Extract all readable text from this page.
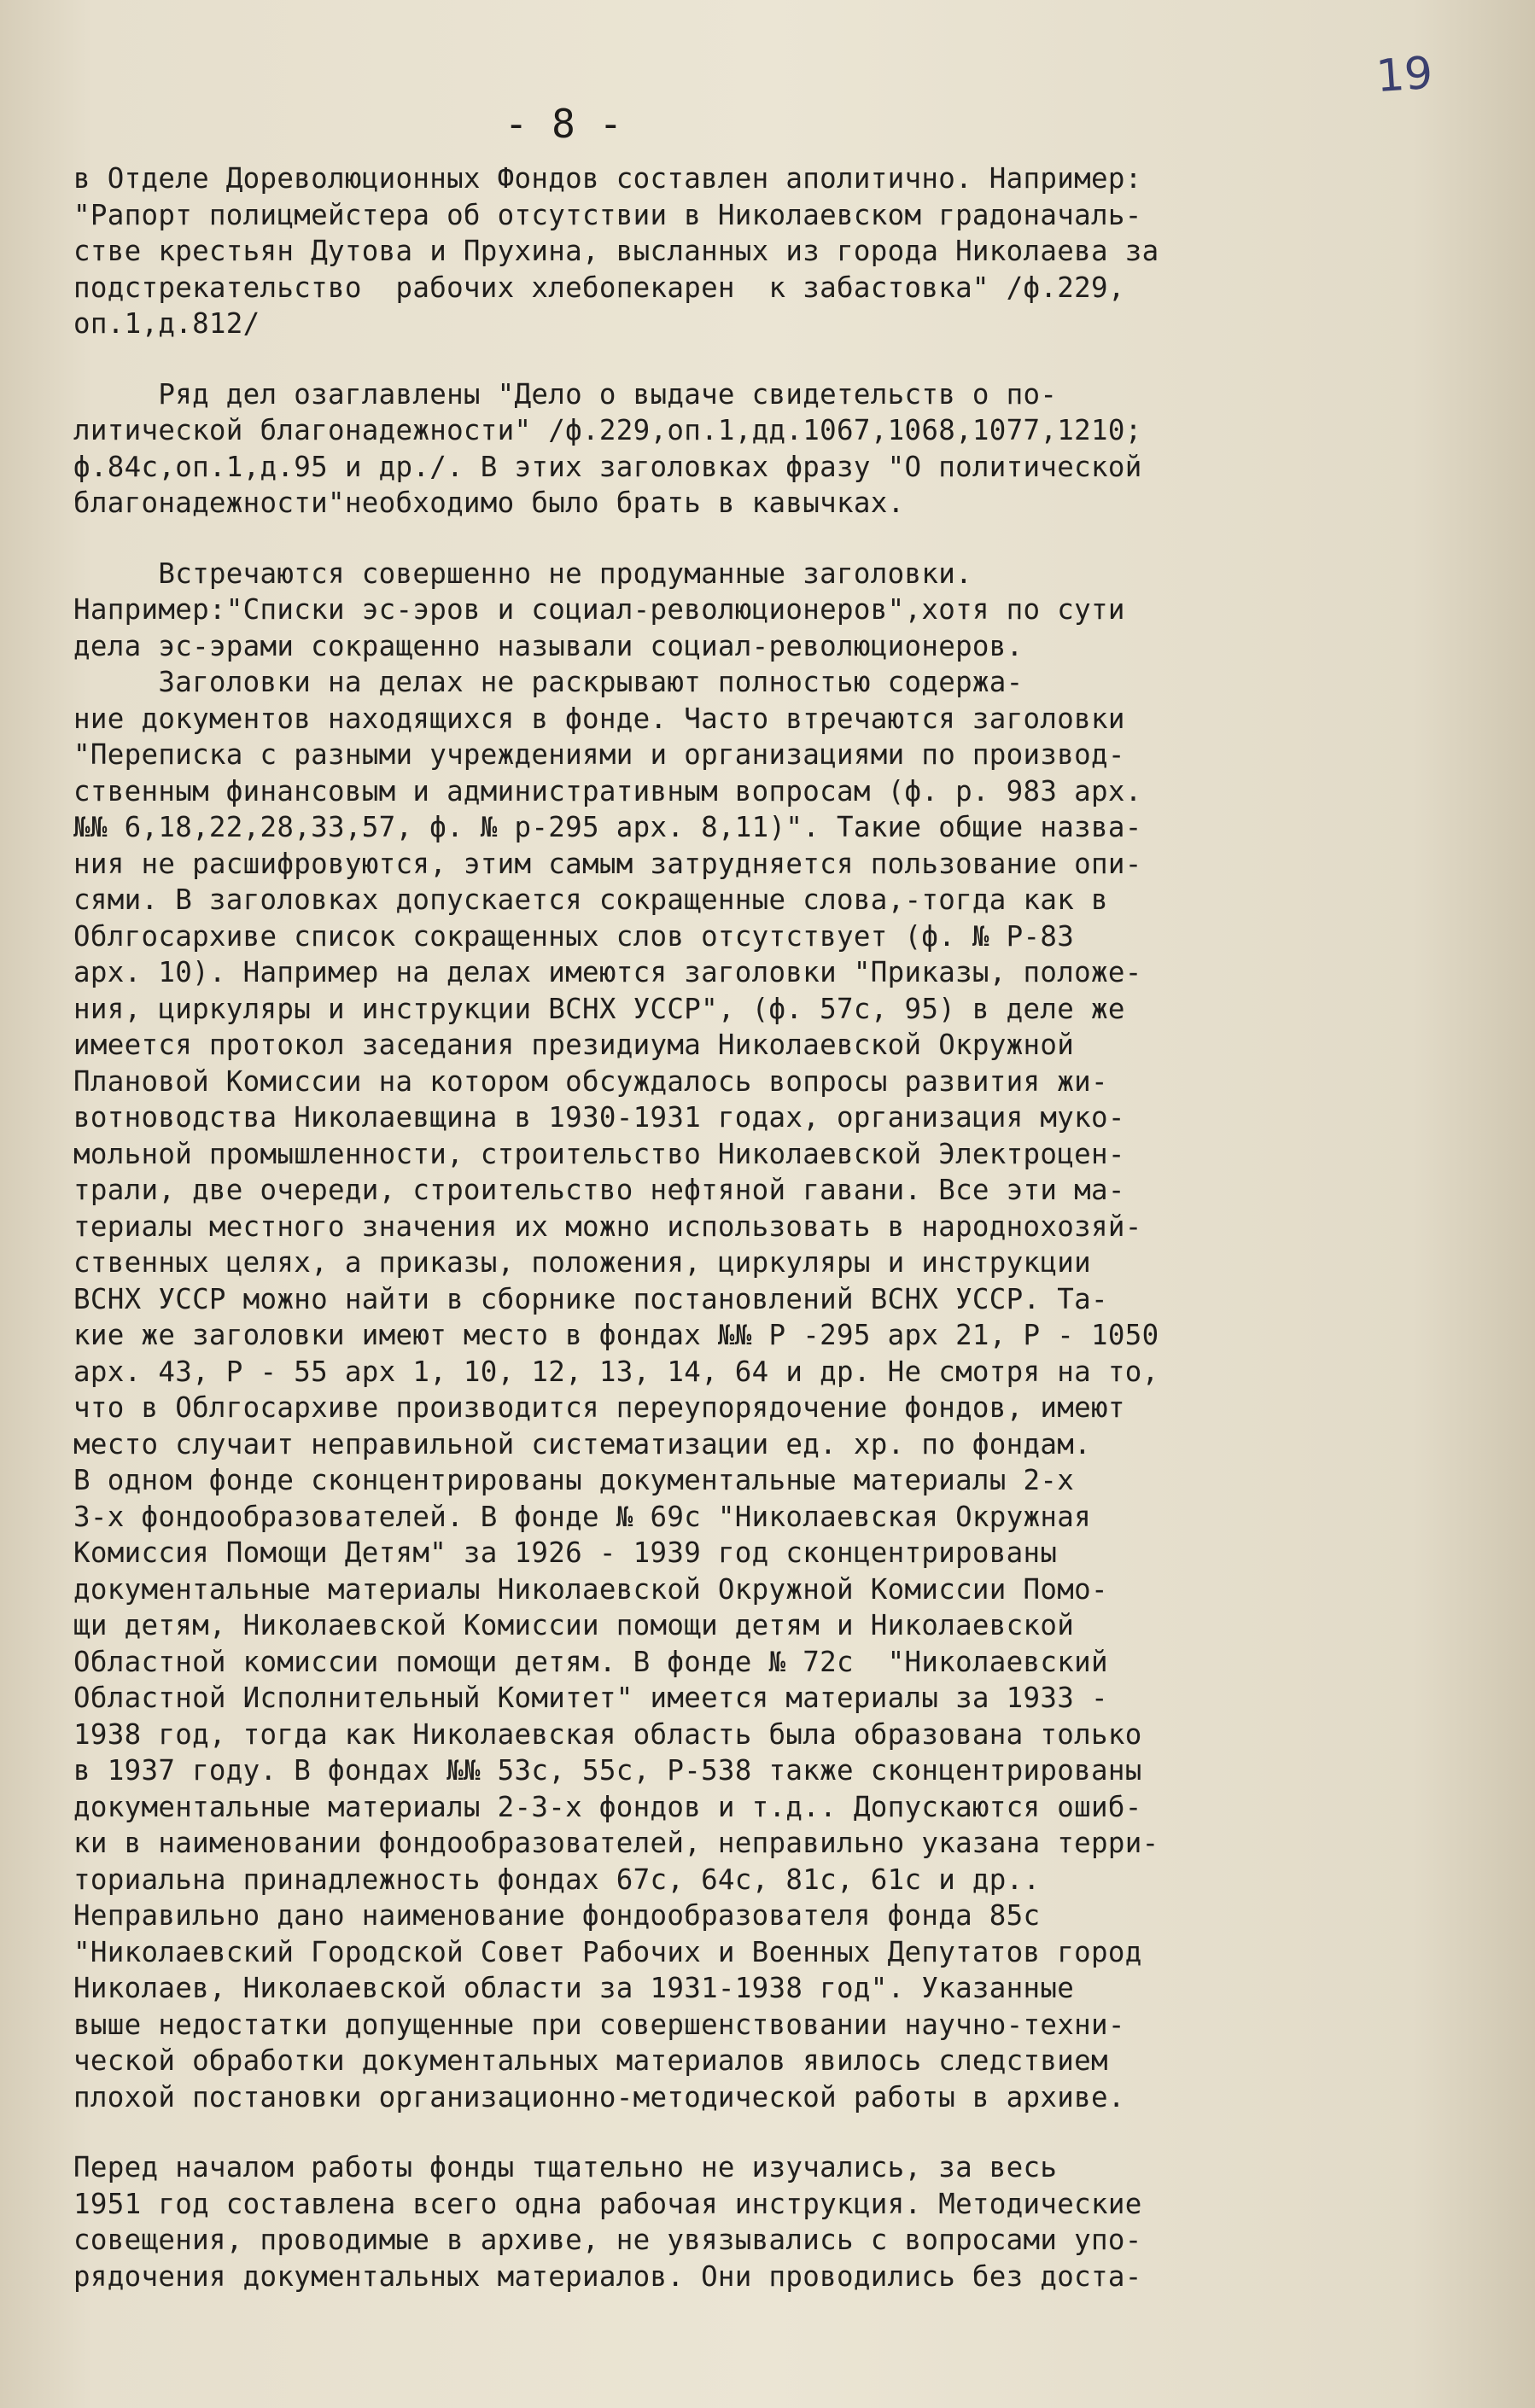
19
- 8 -
в Отделе Дореволюционных Фондов составлен аполитично. Например:
"Рапорт полицмейстера об отсутствии в Николаевском градоначаль-
стве крестьян Дутова и Прухина, высланных из города Николаева за
подстрекательство  рабочих хлебопекарен  к забастовка" /ф.229,
оп.1,д.812/
Ряд дел озаглавлены "Дело о выдаче свидетельств о по-
литической благонадежности" /ф.229,оп.1,дд.1067,1068,1077,1210;
ф.84с,оп.1,д.95 и др./. В этих заголовках фразу "О политической
благонадежности"необходимо было брать в кавычках.
Встречаются совершенно не продуманные заголовки.
Например:"Списки эс-эров и социал-революционеров",хотя по сути
дела эс-эрами сокращенно называли социал-революционеров.
Заголовки на делах не раскрывают полностью содержа-
ние документов находящихся в фонде. Часто втречаются заголовки
"Переписка с разными учреждениями и организациями по производ-
ственным финансовым и административным вопросам (ф. р. 983 арх.
№№ 6,18,22,28,33,57, ф. № р-295 арх. 8,11)". Такие общие назва-
ния не расшифровуются, этим самым затрудняется пользование опи-
сями. В заголовках допускается сокращенные слова,-тогда как в
Облгосархиве список сокращенных слов отсутствует (ф. № Р-83
арх. 10). Например на делах имеются заголовки "Приказы, положе-
ния, циркуляры и инструкции ВСНХ УССР", (ф. 57с, 95) в деле же
имеется протокол заседания президиума Николаевской Окружной
Плановой Комиссии на котором обсуждалось вопросы развития жи-
вотноводства Николаевщина в 1930-1931 годах, организация муко-
мольной промышленности, строительство Николаевской Электроцен-
трали, две очереди, строительство нефтяной гавани. Все эти ма-
териалы местного значения их можно использовать в народнохозяй-
ственных целях, а приказы, положения, циркуляры и инструкции
ВСНХ УССР можно найти в сборнике постановлений ВСНХ УССР. Та-
кие же заголовки имеют место в фондах №№ Р -295 арх 21, Р - 1050
арх. 43, Р - 55 арх 1, 10, 12, 13, 14, 64 и др. Не смотря на то,
что в Облгосархиве производится переупорядочение фондов, имеют
место случаит неправильной систематизации ед. хр. по фондам.
В одном фонде сконцентрированы документальные материалы 2-х
3-х фондообразователей. В фонде № 69с "Николаевская Окружная
Комиссия Помощи Детям" за 1926 - 1939 год сконцентрированы
документальные материалы Николаевской Окружной Комиссии Помо-
щи детям, Николаевской Комиссии помощи детям и Николаевской
Областной комиссии помощи детям. В фонде № 72с  "Николаевский
Областной Исполнительный Комитет" имеется материалы за 1933 -
1938 год, тогда как Николаевская область была образована только
в 1937 году. В фондах №№ 53с, 55с, Р-538 также сконцентрированы
документальные материалы 2-3-х фондов и т.д.. Допускаются ошиб-
ки в наименовании фондообразователей, неправильно указана терри-
ториальна принадлежность фондах 67с, 64с, 81с, 61с и др..
Неправильно дано наименование фондообразователя фонда 85с
"Николаевский Городской Совет Рабочих и Военных Депутатов город
Николаев, Николаевской области за 1931-1938 год". Указанные
выше недостатки допущенные при совершенствовании научно-техни-
ческой обработки документальных материалов явилось следствием
плохой постановки организационно-методической работы в архиве.
Перед началом работы фонды тщательно не изучались, за весь
1951 год составлена всего одна рабочая инструкция. Методические
совещения, проводимые в архиве, не увязывались с вопросами упо-
рядочения документальных материалов. Они проводились без доста-
